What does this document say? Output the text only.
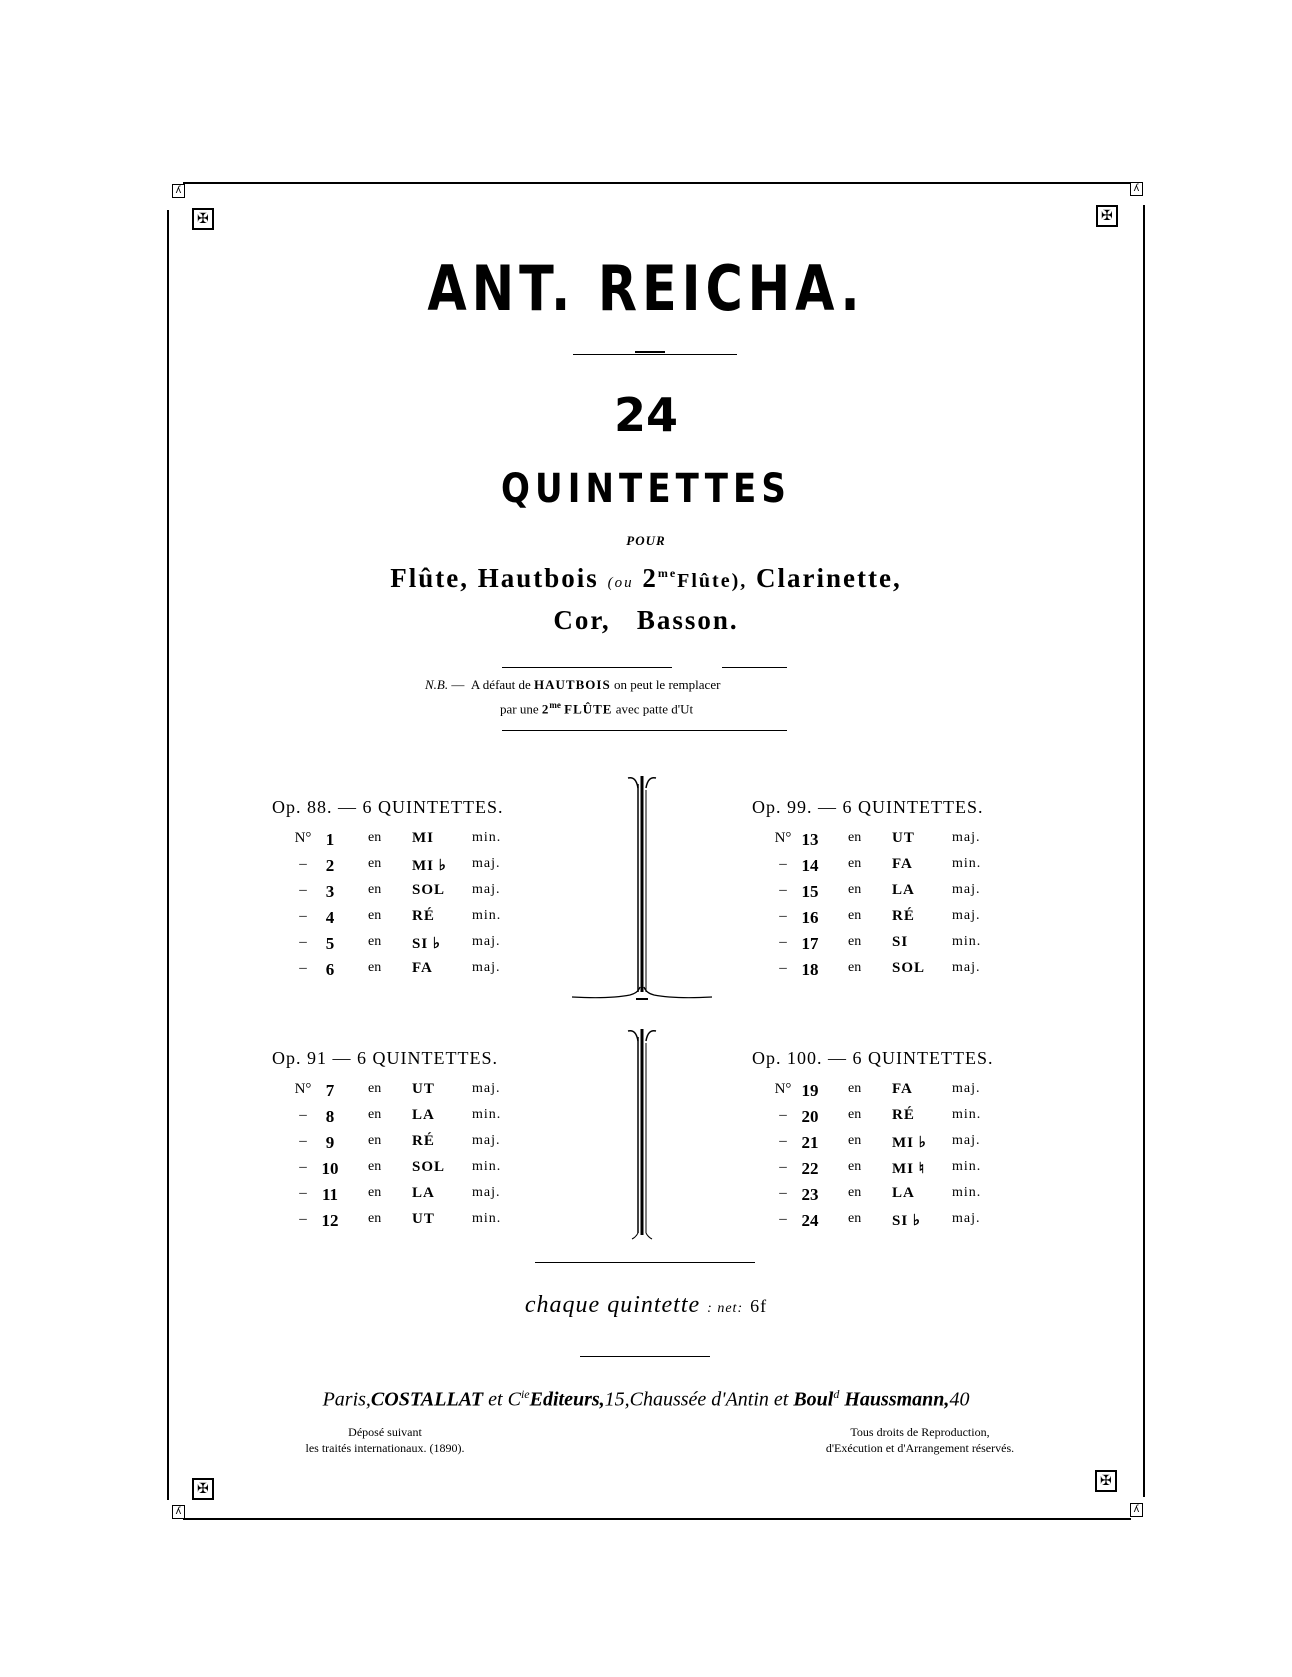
ʎ
✠
ʎ
✠
✠
ʎ
✠
ʎ
ANT. REICHA.
24
QUINTETTES
POUR
Flûte, Hautbois (ou $2^{me}Flûte$), Clarinette,
Cor,   Basson.
N.B. — A défaut de HAUTBOIS on peut le remplacer
par une $2^{me}$ FLÛTE avec patte d'Ut
Op. 88. — 6 QUINTETTES.
N° 1	en MI	min.
–	2	en MI ♭ maj.
–	3	en SOL maj.
–	4	en RÉ	min.
–	5	en SI ♭ maj.
–	6	en FA	maj.
Op. 99. — 6 QUINTETTES.
N° 13	en UT	maj.
– 14	en FA	min.
– 15	en LA	maj.
– 16	en RÉ	maj.
– 17	en SI	min.
– 18	en SOL maj.
Op. 91 — 6 QUINTETTES.
N° 7	en UT	maj.
–	8	en LA	min.
–	9	en RÉ	maj.
– 10	en SOL min.
– 11	en LA	maj.
– 12	en UT	min.
Op. 100. — 6 QUINTETTES.
N° 19	en FA	maj.
– 20	en RÉ	min.
– 21	en MI ♭ maj.
– 22	en MI ♮ min.
– 23	en LA	min.
– 24	en SI ♭ maj.
chaque quintette : net: 6f
Paris,COSTALLAT et $C^{ie}Editeurs,15,Chaussée$ d'Antin et Boul$^d$ Haussmann,40
Déposé suivant
les traités internationaux. (1890).
Tous droits de Reproduction,
d'Exécution et d'Arrangement réservés.
